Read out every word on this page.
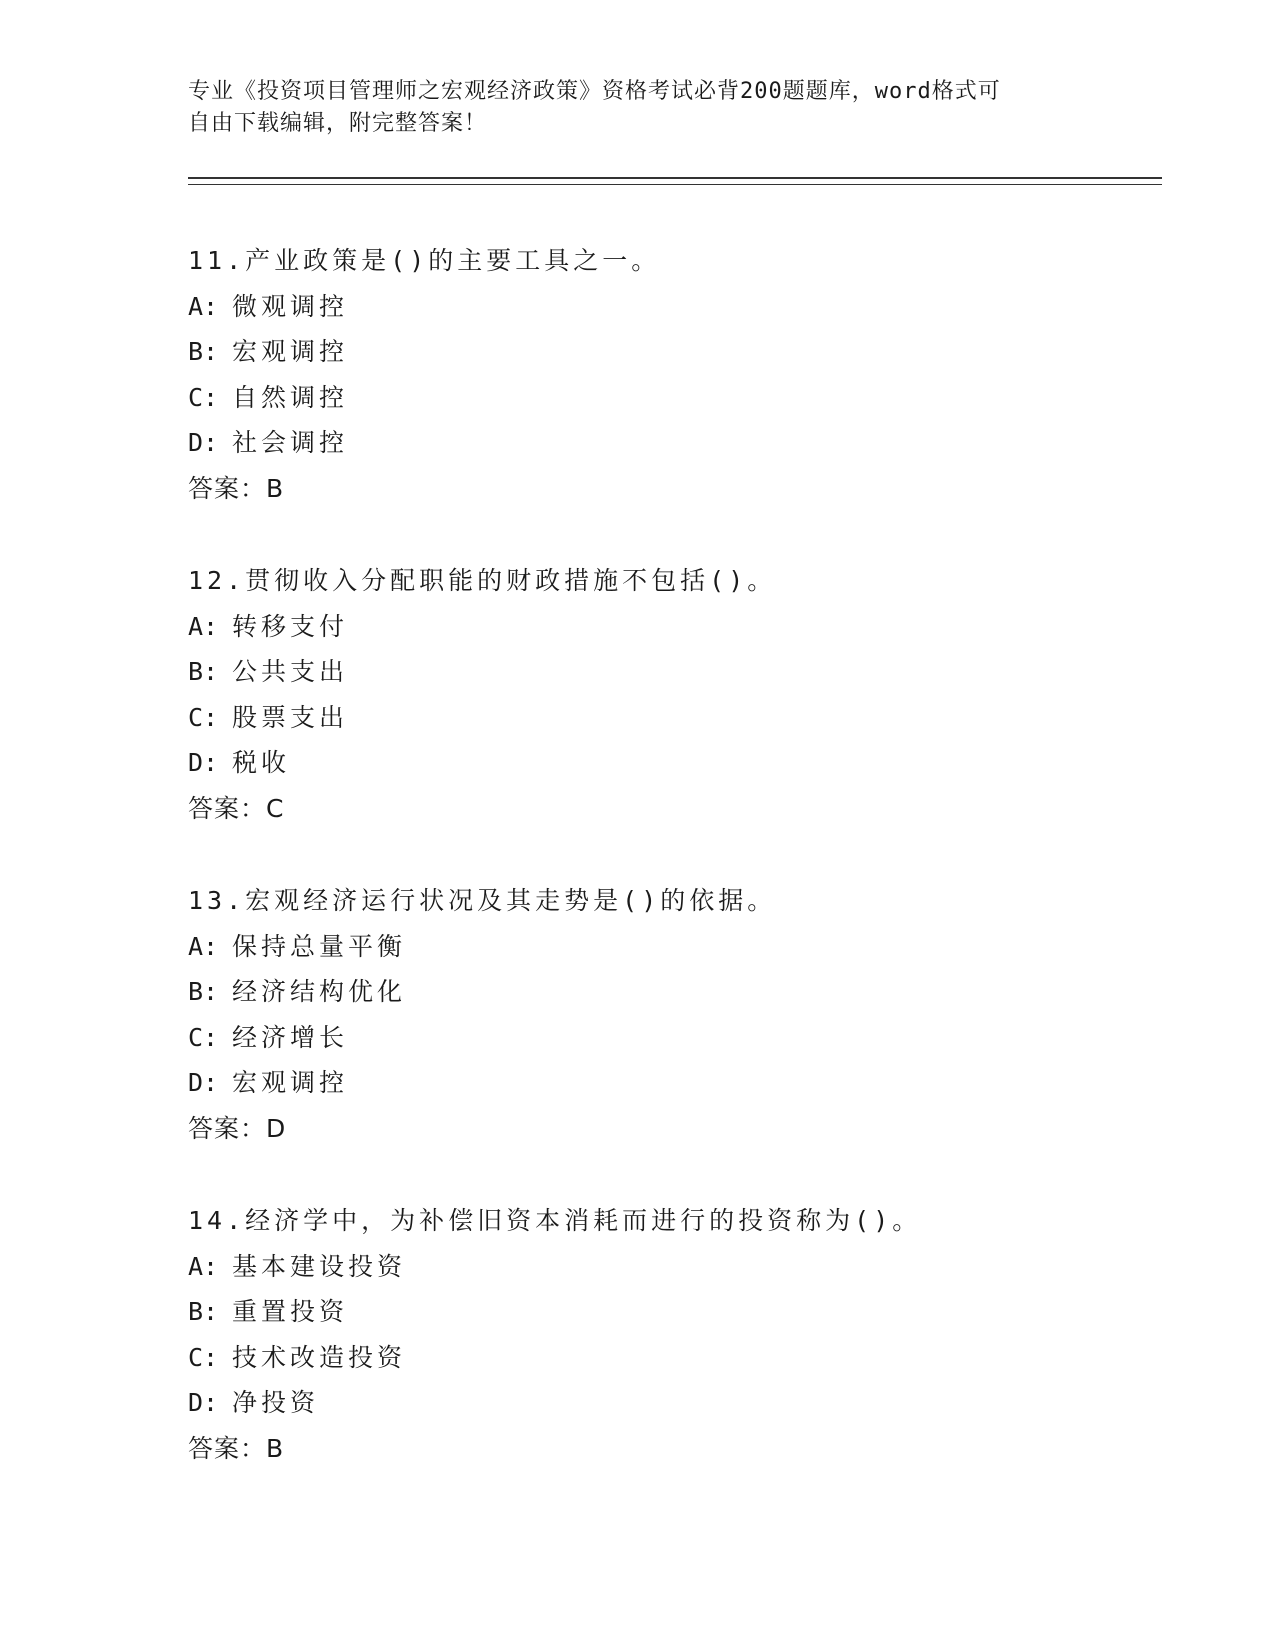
专业《投资项目管理师之宏观经济政策》资格考试必背200题题库，word格式可
自由下载编辑，附完整答案！
11.产业政策是()的主要工具之一。
A: 微观调控
B: 宏观调控
C: 自然调控
D: 社会调控
答案：B
12.贯彻收入分配职能的财政措施不包括()。
A: 转移支付
B: 公共支出
C: 股票支出
D: 税收
答案：C
13.宏观经济运行状况及其走势是()的依据。
A: 保持总量平衡
B: 经济结构优化
C: 经济增长
D: 宏观调控
答案：D
14.经济学中，为补偿旧资本消耗而进行的投资称为()。
A: 基本建设投资
B: 重置投资
C: 技术改造投资
D: 净投资
答案：B
